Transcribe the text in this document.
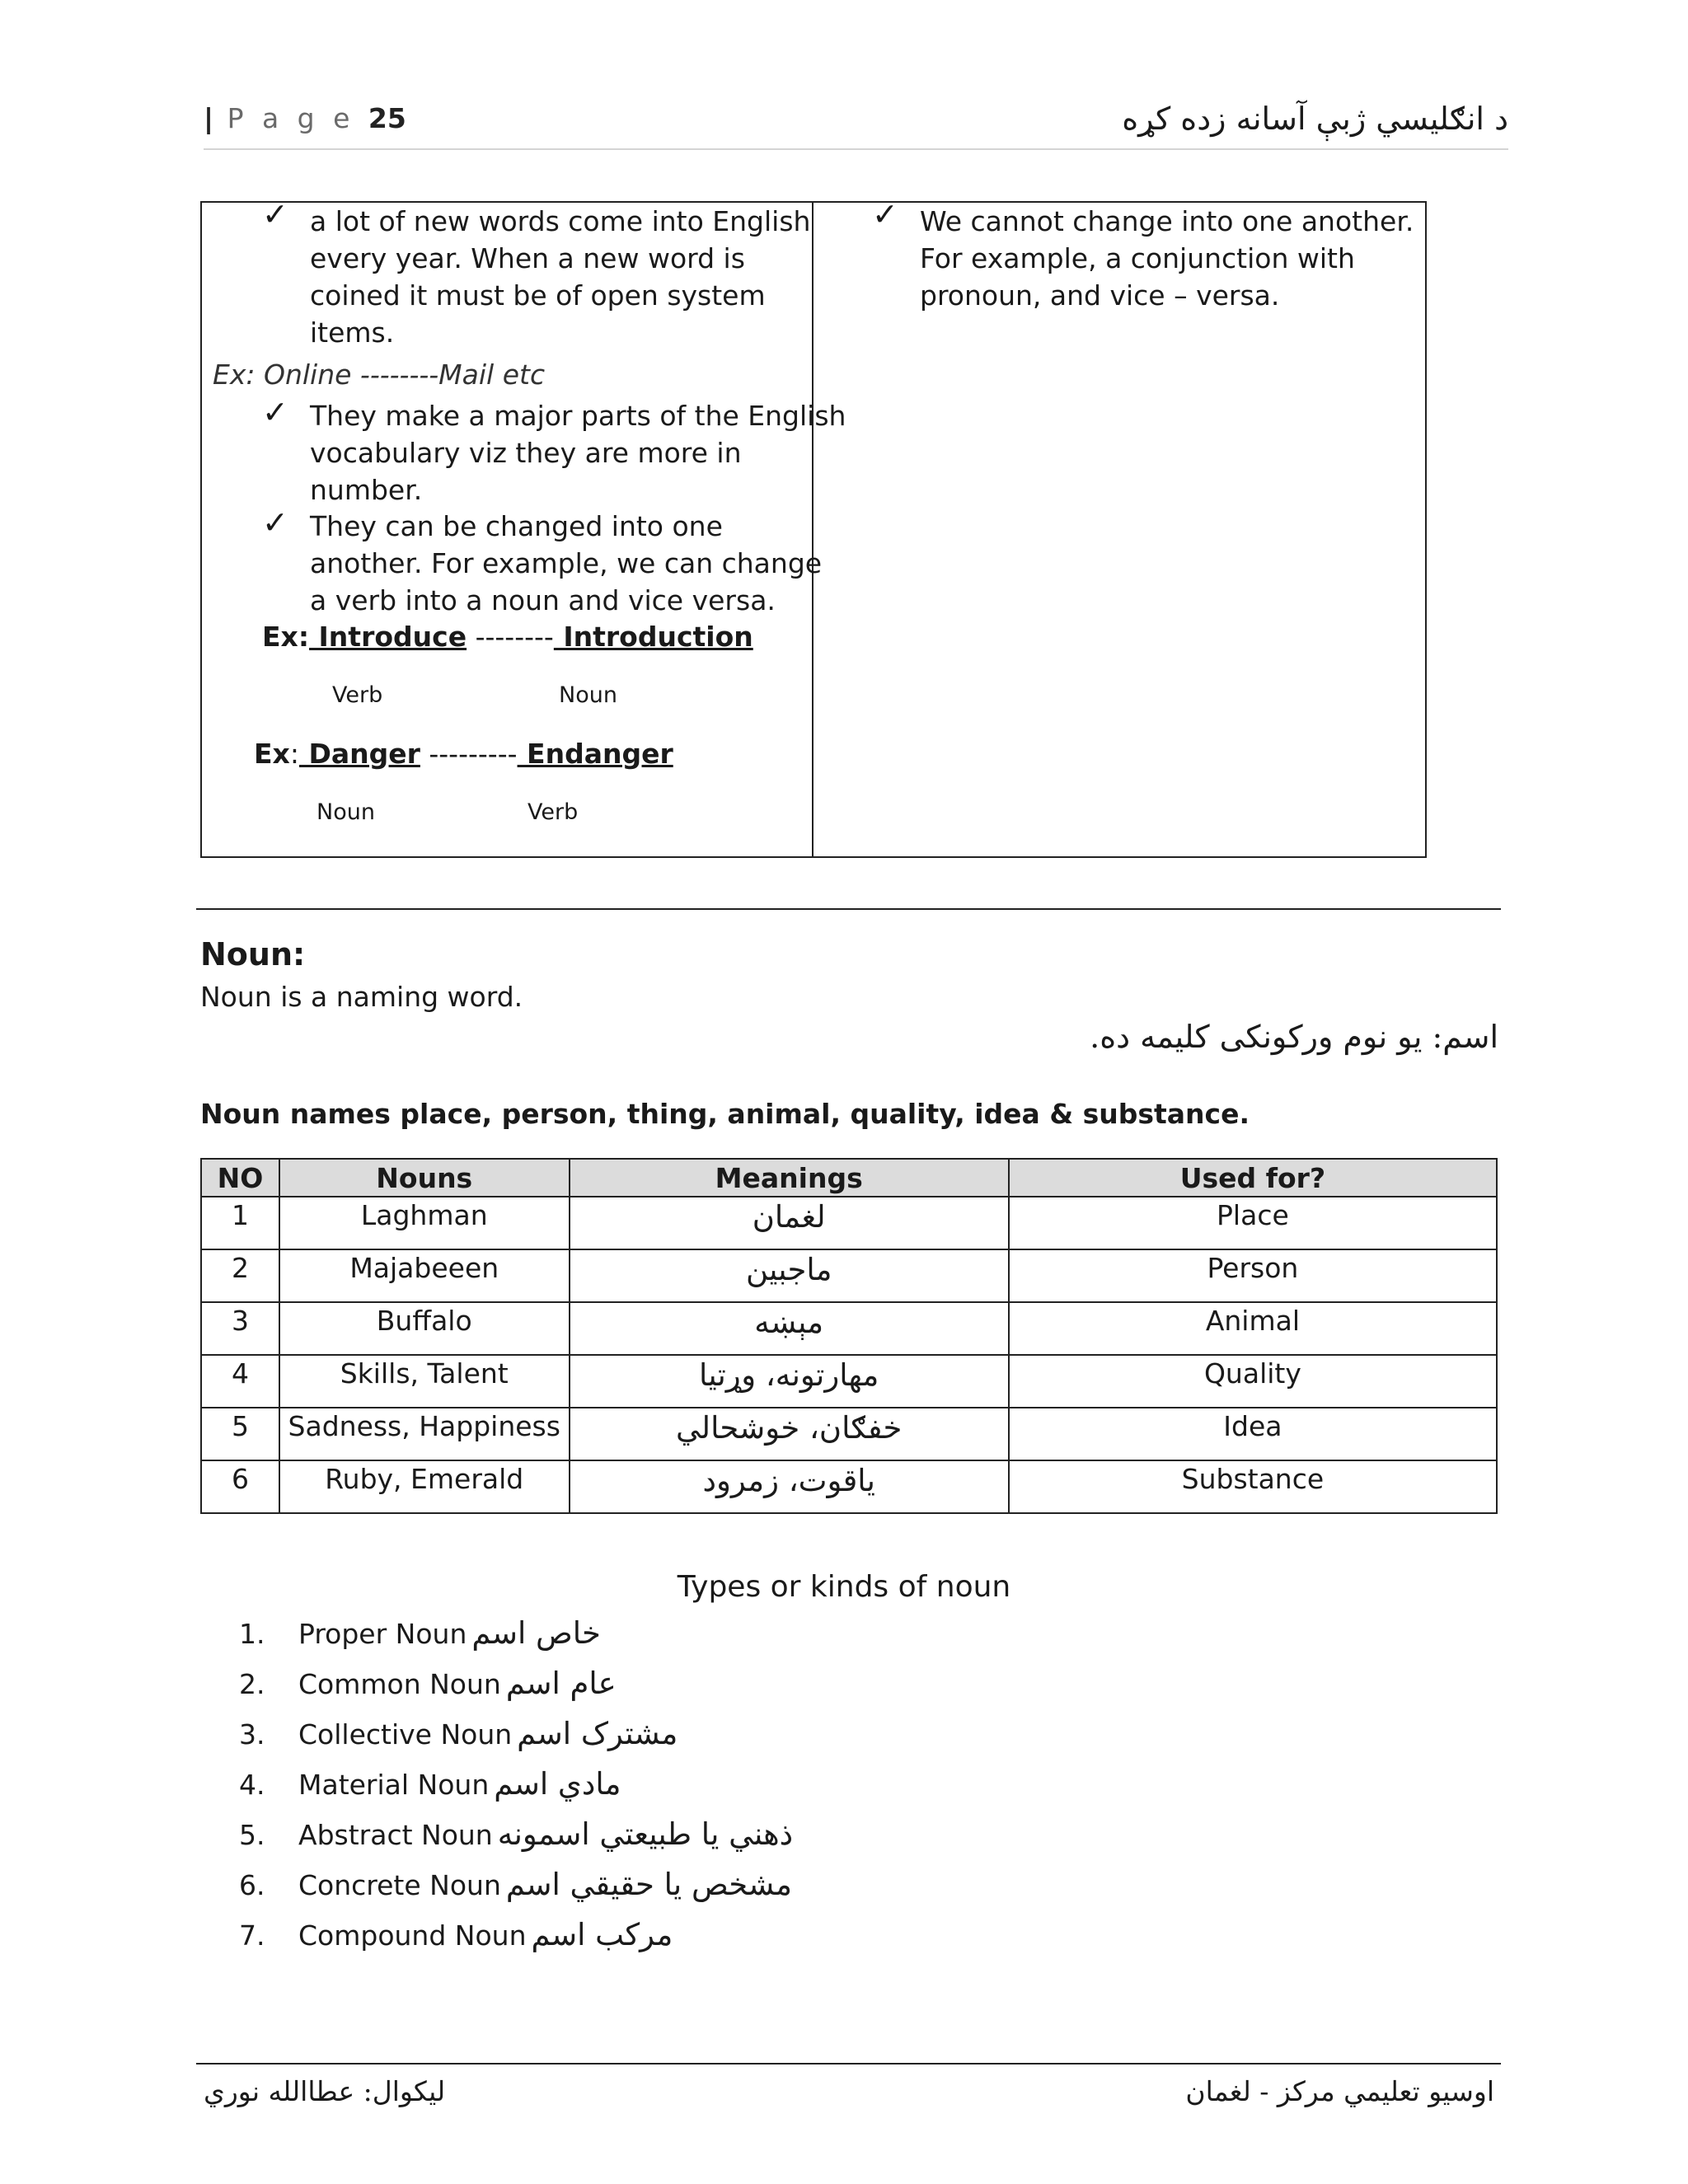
| P a g e 25	د انګليسي ژبې آسانه زده کړه
✓ a lot of new words come into English
every year. When a new word is
coined it must be of open system
items.
Ex: Online --------Mail etc
✓ They make a major parts of the English
vocabulary viz they are more in
number.
✓ They can be changed into one
another. For example, we can change
a verb into a noun and vice versa.
Ex: Introduce -------- Introduction
Verb	Noun
Ex: Danger --------- Endanger
Noun	Verb
✓ We cannot change into one another.
For example, a conjunction with
pronoun, and vice – versa.
Noun:
Noun is a naming word.
اسم: يو نوم ورکونکی کليمه ده.
Noun names place, person, thing, animal, quality, idea & substance.
NO	Nouns	Meanings	Used for?
1	Laghman	لغمان	Place
2	Majabeeen	ماجبين	Person
3	Buffalo	مېښه	Animal
4	Skills, Talent	مهارتونه، وړتيا	Quality
5	Sadness, Happiness	خفګان، خوشحالي	Idea
6	Ruby, Emerald	ياقوت، زمرود	Substance
Types or kinds of noun
1.	Proper Noun خاص اسم
2.	Common Noun عام اسم
3.	Collective Noun مشترک اسم
4.	Material Noun مادي اسم
5.	Abstract Noun ذهني يا طبيعتي اسمونه
6.	Concrete Noun مشخص يا حقيقي اسم
7.	Compound Noun مرکب اسم
ليکوال: عطاالله نوري	اوسيو تعليمي مرکز - لغمان
